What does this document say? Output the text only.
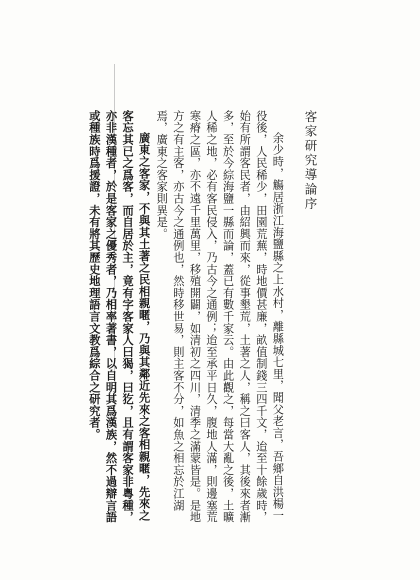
客家研究導論序

余少時，觴居浙江海鹽縣之上水村，離縣城七里，聞父老言，吾鄉自洪楊一役後，人民稀少，田園荒蕪，時地價甚廉，畝值制錢三四千文，迨至十餘歲時，始有所謂客民者，由紹興而來，從事墾荒，土著之人，稱之曰客人，其後來者漸多，至於今綜海鹽一縣而論，蓋已有數千家云。由此觀之，每當大亂之後，土曠人稀之地，必有客民侵入，乃古今之通例；迨至承平日久，腹地人滿，則邊塞荒寒瘠之區，亦不遠千里萬里，移殖開闢，如清初之四川，清季之滿蒙皆是。是地方之有主客，亦古今之通例也，然時移世易，則主客不分，如魚之相忘於江湖焉，廣東之客家則異是。

廣東之客家，不與其土著之民相親暱，乃與其鄰近先來之客相親暱，先來之客忘其已之爲客，而自居於主，竟有字客家人曰猲，曰犵，且有謂客家非粵種，亦非漢種者，於是客家之優秀者，乃相率著書，以自明其爲漢族，然不過辯言語或種族時爲援證，未有將其歷史地理語言文教爲綜合之研究者。
